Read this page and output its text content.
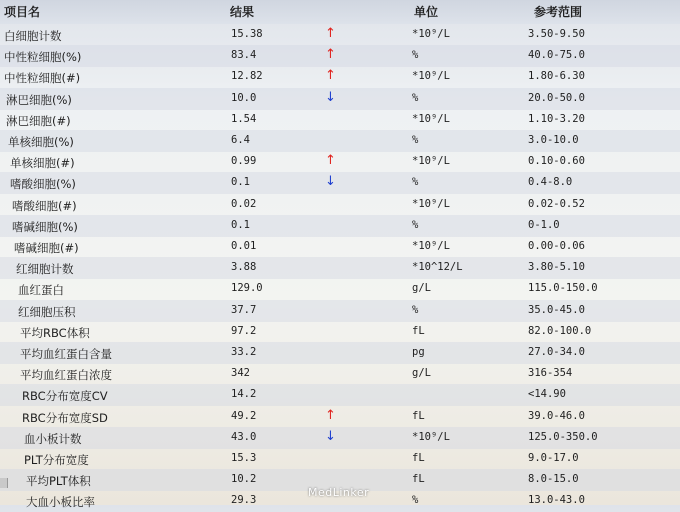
项目名	结果	单位	参考范围
白细胞计数	15.38	↑	*10⁹/L	3.50-9.50
中性粒细胞(%)	83.4	↑	%	40.0-75.0
中性粒细胞(#)	12.82	↑	*10⁹/L	1.80-6.30
淋巴细胞(%)	10.0	↓	%	20.0-50.0
淋巴细胞(#)	1.54	*10⁹/L	1.10-3.20
单核细胞(%)	6.4	%	3.0-10.0
单核细胞(#)	0.99	↑	*10⁹/L	0.10-0.60
嗜酸细胞(%)	0.1	↓	%	0.4-8.0
嗜酸细胞(#)	0.02	*10⁹/L	0.02-0.52
嗜碱细胞(%)	0.1	%	0-1.0
嗜碱细胞(#)	0.01	*10⁹/L	0.00-0.06
红细胞计数	3.88	*10^12/L	3.80-5.10
血红蛋白	129.0	g/L	115.0-150.0
红细胞压积	37.7	%	35.0-45.0
平均RBC体积	97.2	fL	82.0-100.0
平均血红蛋白含量	33.2	pg	27.0-34.0
平均血红蛋白浓度	342	g/L	316-354
RBC分布宽度CV	14.2	<14.90
RBC分布宽度SD	49.2	↑	fL	39.0-46.0
血小板计数	43.0	↓	*10⁹/L	125.0-350.0
PLT分布宽度	15.3	fL	9.0-17.0
平均PLT体积	10.2	fL	8.0-15.0
大血小板比率	29.3	%	13.0-43.0
MedLinker
